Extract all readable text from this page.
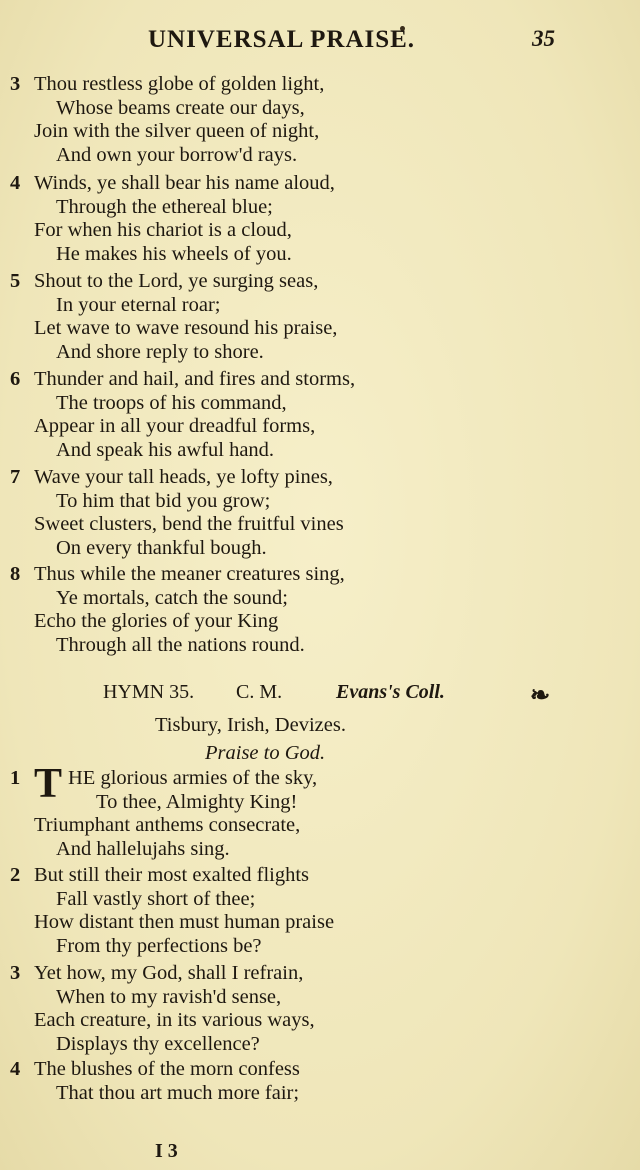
UNIVERSAL PRAISE.	35
3 Thou restless globe of golden light,
Whose beams create our days,
Join with the silver queen of night,
And own your borrow'd rays.
4 Winds, ye shall bear his name aloud,
Through the ethereal blue;
For when his chariot is a cloud,
He makes his wheels of you.
5 Shout to the Lord, ye surging seas,
In your eternal roar;
Let wave to wave resound his praise,
And shore reply to shore.
6 Thunder and hail, and fires and storms,
The troops of his command,
Appear in all your dreadful forms,
And speak his awful hand.
7 Wave your tall heads, ye lofty pines,
To him that bid you grow;
Sweet clusters, bend the fruitful vines
On every thankful bough.
8 Thus while the meaner creatures sing,
Ye mortals, catch the sound;
Echo the glories of your King
Through all the nations round.
HYMN 35. C. M.	Evans's Coll.	❧
Tisbury, Irish, Devizes.
Praise to God.
1 T HE glorious armies of the sky,
To thee, Almighty King!
Triumphant anthems consecrate,
And hallelujahs sing.
2 But still their most exalted flights
Fall vastly short of thee;
How distant then must human praise
From thy perfections be?
3 Yet how, my God, shall I refrain,
When to my ravish'd sense,
Each creature, in its various ways,
Displays thy excellence?
4 The blushes of the morn confess
That thou art much more fair;
I 3
